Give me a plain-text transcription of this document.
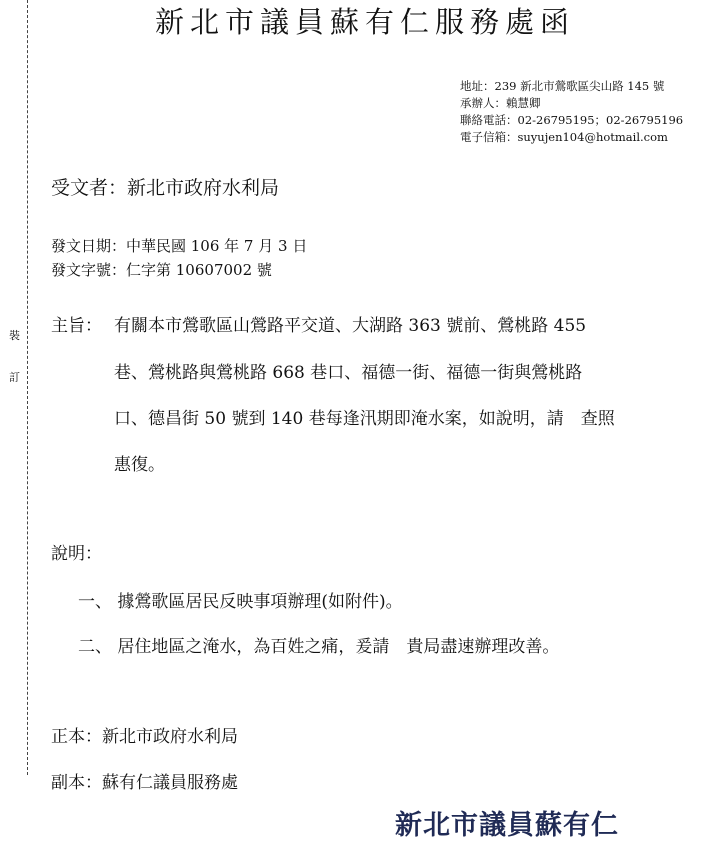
裝
訂
新北市議員蘇有仁服務處函
地址：239 新北市鶯歌區尖山路 145 號
承辦人：賴慧卿
聯絡電話：02-26795195；02-26795196
電子信箱：suyujen104@hotmail.com
受文者：新北市政府水利局
發文日期：中華民國 106 年 7 月 3 日
發文字號：仁字第 10607002 號
主旨： 有關本市鶯歌區山鶯路平交道、大湖路 363 號前、鶯桃路 455
巷、鶯桃路與鶯桃路 668 巷口、福德一街、福德一街與鶯桃路
口、德昌街 50 號到 140 巷每逢汛期即淹水案，如說明，請　查照
惠復。
說明：
一、 據鶯歌區居民反映事項辦理(如附件)。
二、 居住地區之淹水，為百姓之痛，爰請　貴局盡速辦理改善。
正本：新北市政府水利局
副本：蘇有仁議員服務處
新北市議員蘇有仁
